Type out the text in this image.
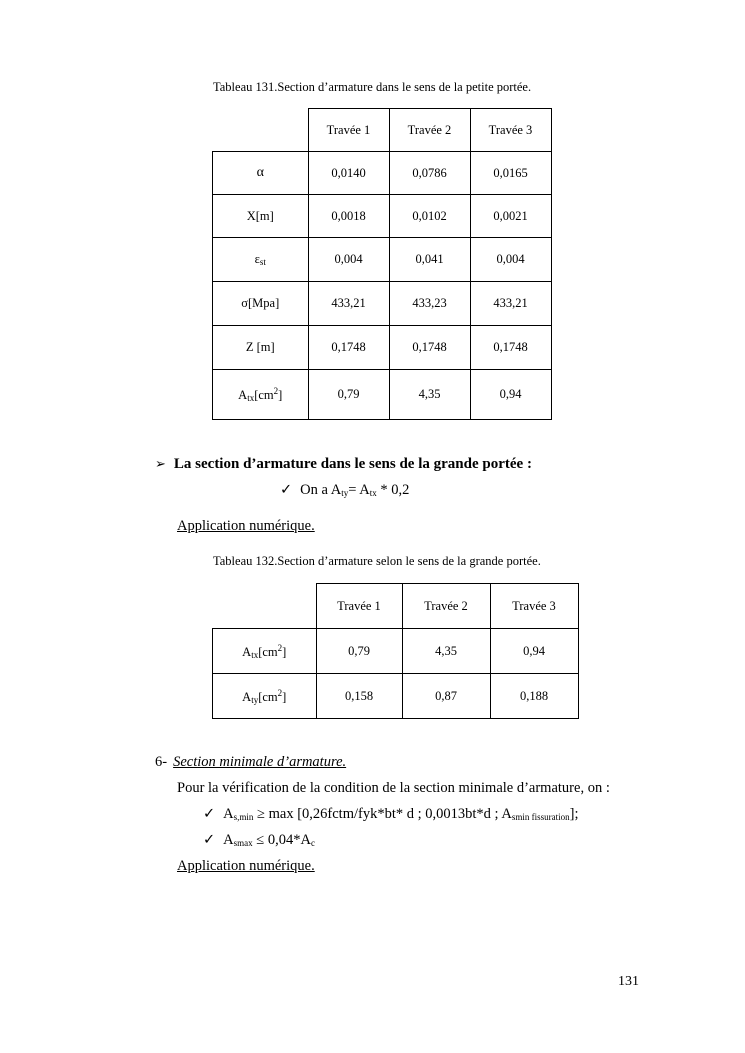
Tableau 131.Section d’armature dans le sens de la petite portée.
	Travée 1	Travée 2	Travée 3
α	0,0140	0,0786	0,0165
X[m]	0,0018	0,0102	0,0021
$\varepsilon_{st}$	0,004	0,041	0,004
σ[Mpa]	433,21	433,23	433,21
Z [m]	0,1748	0,1748	0,1748
$A_{tx}[cm^2]$	0,79	4,35	0,94
➢ La section d’armature dans le sens de la grande portée :
✓ On a $A_{ty}= A_{tx} * 0,2$
Application numérique.
Tableau 132.Section d’armature selon le sens de la grande portée.
	Travée 1	Travée 2	Travée 3
$A_{tx}[cm^2]$	0,79	4,35	0,94
$A_{ty}[cm^2]$	0,158	0,87	0,188
6- Section minimale d’armature.
Pour la vérification de la condition de la section minimale d’armature, on :
✓ $A_{s,min} \ge \max$ [0,26fctm/fyk*bt* d ; 0,0013bt*d ; $A_{smin fissuration}$];
✓ $A_{smax} \le 0,04*A_c$
Application numérique.
131
